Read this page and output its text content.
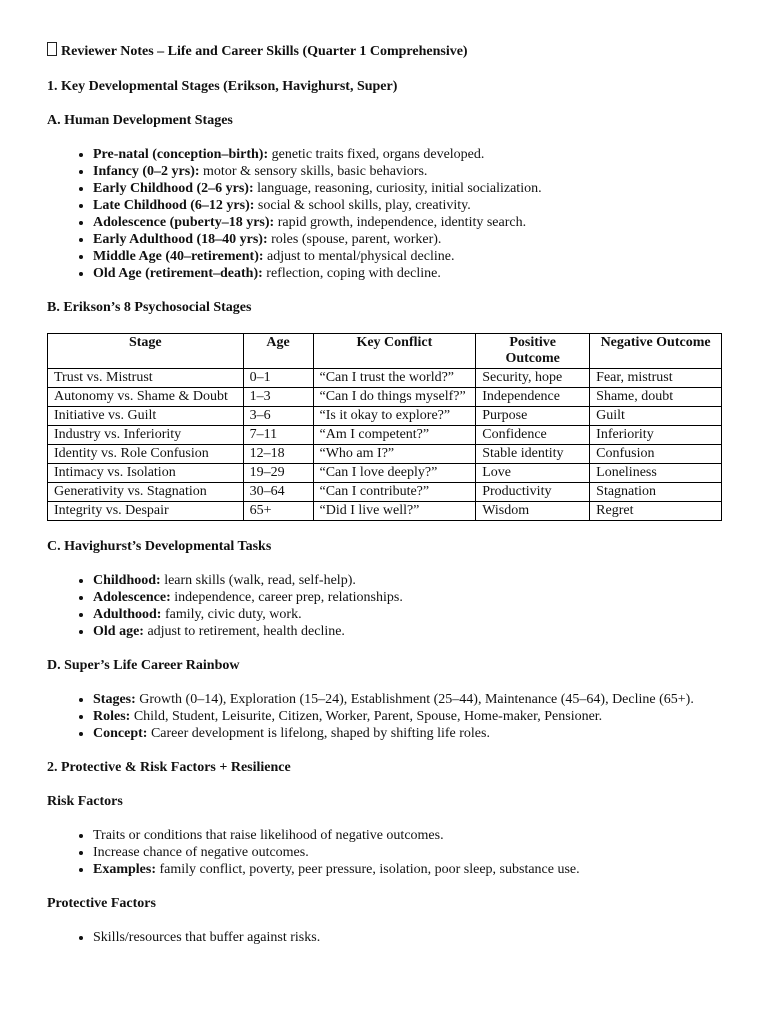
Reviewer Notes – Life and Career Skills (Quarter 1 Comprehensive)
1. Key Developmental Stages (Erikson, Havighurst, Super)
A. Human Development Stages
• Pre-natal (conception–birth): genetic traits fixed, organs developed.
• Infancy (0–2 yrs): motor & sensory skills, basic behaviors.
• Early Childhood (2–6 yrs): language, reasoning, curiosity, initial socialization.
• Late Childhood (6–12 yrs): social & school skills, play, creativity.
• Adolescence (puberty–18 yrs): rapid growth, independence, identity search.
• Early Adulthood (18–40 yrs): roles (spouse, parent, worker).
• Middle Age (40–retirement): adjust to mental/physical decline.
• Old Age (retirement–death): reflection, coping with decline.
B. Erikson’s 8 Psychosocial Stages
Stage	Age	Key Conflict	Positive Outcome	Negative Outcome
Trust vs. Mistrust	0–1	“Can I trust the world?”	Security, hope	Fear, mistrust
Autonomy vs. Shame & Doubt	1–3	“Can I do things myself?”	Independence	Shame, doubt
Initiative vs. Guilt	3–6	“Is it okay to explore?”	Purpose	Guilt
Industry vs. Inferiority	7–11	“Am I competent?”	Confidence	Inferiority
Identity vs. Role Confusion	12–18	“Who am I?”	Stable identity	Confusion
Intimacy vs. Isolation	19–29	“Can I love deeply?”	Love	Loneliness
Generativity vs. Stagnation	30–64	“Can I contribute?”	Productivity	Stagnation
Integrity vs. Despair	65+	“Did I live well?”	Wisdom	Regret
C. Havighurst’s Developmental Tasks
• Childhood: learn skills (walk, read, self-help).
• Adolescence: independence, career prep, relationships.
• Adulthood: family, civic duty, work.
• Old age: adjust to retirement, health decline.
D. Super’s Life Career Rainbow
• Stages: Growth (0–14), Exploration (15–24), Establishment (25–44), Maintenance (45–64), Decline (65+).
• Roles: Child, Student, Leisurite, Citizen, Worker, Parent, Spouse, Home-maker, Pensioner.
• Concept: Career development is lifelong, shaped by shifting life roles.
2. Protective & Risk Factors + Resilience
Risk Factors
• Traits or conditions that raise likelihood of negative outcomes.
• Increase chance of negative outcomes.
• Examples: family conflict, poverty, peer pressure, isolation, poor sleep, substance use.
Protective Factors
• Skills/resources that buffer against risks.
